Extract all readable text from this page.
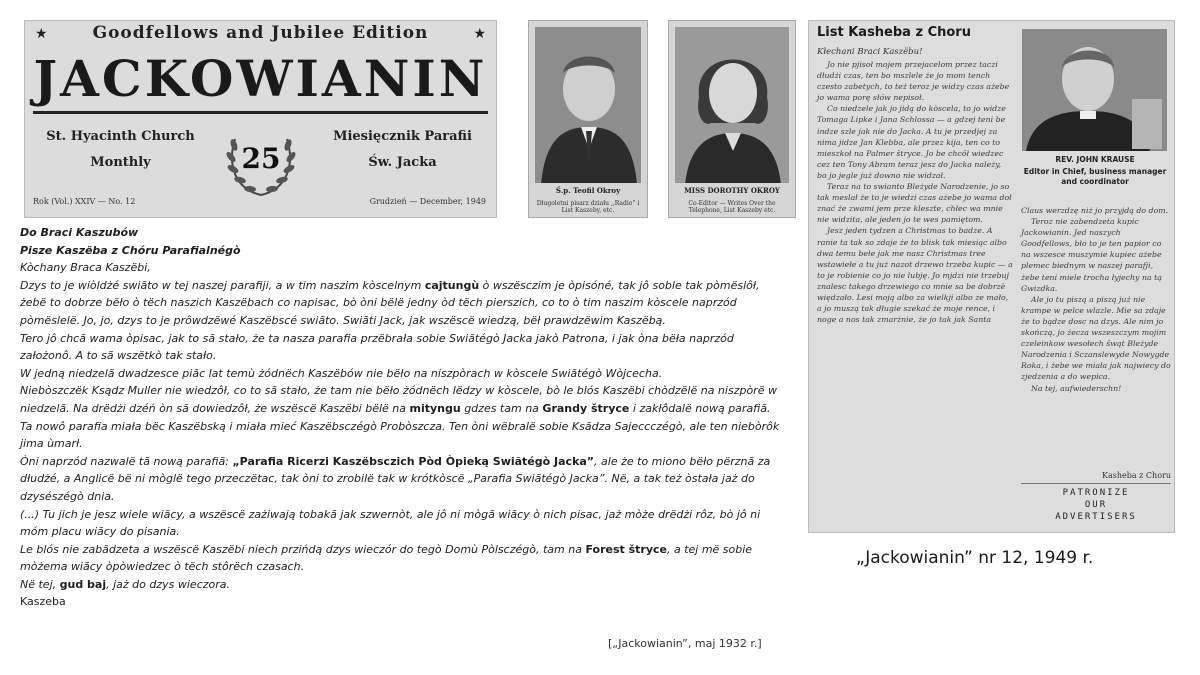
★	Goodfellows and Jubilee Edition	★
JACKOWIANIN
St. Hyacinth Church
Monthly
Miesięcznik Parafii
Św. Jacka
25
Rok (Vol.) XXIV — No. 12	Grudzień — December, 1949
Ś.p. Teofil Okroy
Długoletni pisarz działu ,,Radio” i List Kaszeby, etc.
MISS DOROTHY OKROY
Co-Editor — Writes Over the Telephone, List Kaszeby etc.

Do Braci Kaszubów

Pisze Kaszëba z Chóru Parafialnégò

Kòchany Braca Kaszëbi,

Dzys to je wiòldżé swiãto w tej naszej parafiji, a w tim naszim kòscelnym cajtungù ò wszësczim je òpisóné, tak jô soble tak pòmëslôł, żebë to dobrze bëło ò tëch naszich Kaszëbach co napisac, bò òni bëlë jedny òd tëch pierszich, co to ò tim naszim kòscele naprzód pòmëslelë. Jo, jo, dzys to je prôwdzëwé Kaszëbscé swiãto. Swiãti Jack, jak wszëscë wiedzą, bëł prawdzëwim Kaszëbą.

Tero jô chcã wama òpisac, jak to sã stało, że ta nasza parafia przëbrała sobie Swiãtégò Jacka jakò Patrona, i jak òna bëła naprzód założonô. A to sã wszëtkò tak stało.

W jedną niedzelã dwadzesce piãc lat temù żódnëch Kaszëbów nie bëło na niszpòrach w kòscele Swiãtégò Wòjcecha.

Niebòszczëk Ksądz Muller nie wiedzôł, co to sã stało, że tam nie bëło żódnëch lëdzy w kòscele, bò le blós Kaszëbi chòdzëlë na niszpòrë w niedzelã. Na drëdżi dzéń òn sã dowiedzôł, że wszëscë Kaszëbi bëlë na mityngu gdzes tam na Grandy štryce i zakłôdalë nową parafiã. Ta nowô parafia miała bëc Kaszëbską i miała mieć Kaszëbsczégò Probòszcza. Ten òni wëbralë sobie Ksãdza Sajeccczégò, ale ten niebòrôk jima ùmarł.

Òni naprzód nazwalë tã nową parafiã: „Parafia Ricerzi Kaszëbsczich Pòd Òpieką Swiãtégò Jacka”, ale że to miono bëło përznã za dłudżé, a Anglicë bë ni mòglë tego przeczëtac, tak òni to zrobilë tak w krótkòscë „Parafia Swiãtégò Jacka”. Në, a tak też òstała jaż do dzysészégò dnia.

(...) Tu jich je jesz wiele wiãcy, a wszëscë zażiwają tobakã jak szwernòt, ale jô ni mògã wiãcy ò nich pisac, jaż mòże drëdżi rôz, bò jô ni móm placu wiãcy do pisania.

Le blós nie zabãdzeta a wszëscë Kaszëbi niech przińdą dzys wieczór do tegò Domù Pòlsczégò, tam na Forest štryce, a tej më sobie mòżema wiãcy òpòwiedzec ò tëch stôrëch czasach.

Në tej, gud baj, jaż do dzys wieczora.

Kaszeba

[„Jackowianin”, maj 1932 r.]
List Kasheba z Choru
Kłechani Braci Kaszëbu!

Jo nie pjisoł mojem przejacelom przez taczi dłudżi czas, ten bo mszlele że jo mom tench czesto zabetych, to też teroz je widzy czas ażebe jo wama porę słów nepisoł.

Co niedzele jak jo jidą do kòscela, to jo widze Tomaga Lipke i Jana Schlossa — a gdzej teni be indze szle jak nie do Jacka. A tu je przedjej za nima jidze Jan Klebba, ale przez kija, ten co to mieszkoł na Palmer štryce. Jo be chcôł wiedzec cez ten Tony Abram teraz jesz do Jacka należy, bo jo jegle już downo nie widzał.

Teraz na to swianto Bleżyde Narodzenie, jo so tak meslał że to je wiedzi czas ażebe jo wama doł znać że zwami jem prze kleszte, chłec wa mnie nie widzita, ale jeden jo te wes pamiętom.

Jesz jeden tydzen a Christmas to badze. A ranie ta tak so zdaje że to blisk tak miesiąc albo dwa temu bełe jak me nasz Christmas tree wstawiełe a tu już nazot drzewo trzeba kupic — a to je robienie co jo nie lubję. Jo mjdzi nie trzebuj znalesc takego drzewiego co mnie sa be dobrzè więdzało. Lesi moją albo za wielkji albo ze mało, a jo muszą tak długie szekać że moje rence, i noge a nos tak zmarżnie, że jo tak jak Santa

REV. JOHN KRAUSE
Editor in Chief, business manager and coordinator

Claus werzdzę niż jo przyjdą do dom.

Teroz nie zabendzeta kupic Jackowianin. Jed naszych Goodfellows, bło to je ten papior co na wszesce muszymie kupiec ażebe plemec biednym w naszej parafji, żebe teni miele trocha łyjechy na tą Gwizdka.

Ale jo tu piszą a piszą już nie krampe w pelce wlazle. Mie sa zdaje że to bądze dosc na dzys. Ale nim jo skończą, jo żecza wszeszczym mojim czeleinkow wesołech šwąt Bleżyde Narodzenia i Sczanslewyde Nowygde Roka, i żebe we miała jak najwiecy do zjedzenia a do wepica.

Na tej, aufwiederschn!

Kasheba z Choru
PATRONIZE
OUR
ADVERTISERS
„Jackowianin” nr 12, 1949 r.
